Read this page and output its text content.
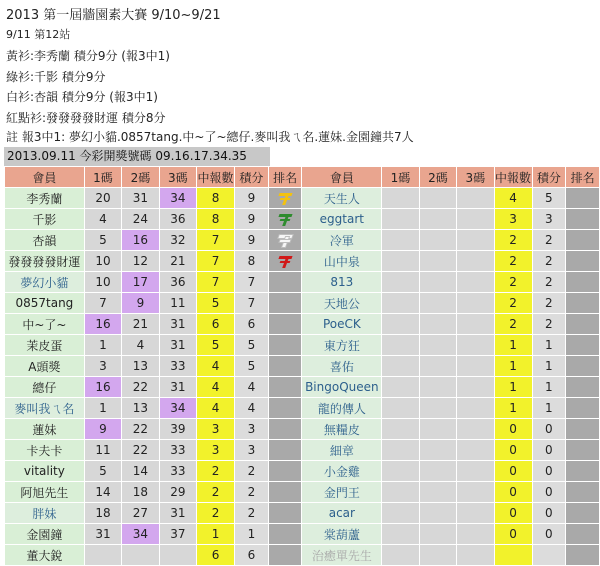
2013 第一屆牆園素大賽 9/10~9/21
9/11 第12站
黃衫:李秀蘭 積分9分 (報3中1)
綠衫:千影 積分9分
白衫:杏韻 積分9分 (報3中1)
紅點衫:發發發發財運 積分8分
註 報3中1: 夢幻小貓.0857tang.中~了~總仔.麥叫我ㄟ名.蓮妹.金園鐘共7人
2013.09.11 今彩開獎號碼 09.16.17.34.35
會員	1碼	2碼	3碼	中報數	積分	排名	會員	1碼	2碼	3碼	中報數	積分	排名
李秀蘭	20	31	34	8	9		天生人				4	5	
千影	4	24	36	8	9		eggtart				3	3	
杏韻	5	16	32	7	9		冷軍				2	2	
發發發發財運	10	12	21	7	8		山中泉				2	2	
夢幻小貓	10	17	36	7	7		813				2	2	
0857tang	7	9	11	5	7		天地公				2	2	
中~了~	16	21	31	6	6		PoeCK				2	2	
茉皮蛋	1	4	31	5	5		東方狂				1	1	
A頭獎	3	13	33	4	5		喜佑				1	1	
總仔	16	22	31	4	4		BingoQueen				1	1	
麥叫我ㄟ名	1	13	34	4	4		龍的傳人				1	1	
蓮妹	9	22	39	3	3		無糧皮				0	0	
卡夫卡	11	22	33	3	3		細章				0	0	
vitality	5	14	33	2	2		小金雞				0	0	
阿旭先生	14	18	29	2	2		金門王				0	0	
胖妹	18	27	31	2	2		acar				0	0	
金園鐘	31	34	37	1	1		棠葫蘆				0	0	
董大銳				6	6		治癒單先生						
